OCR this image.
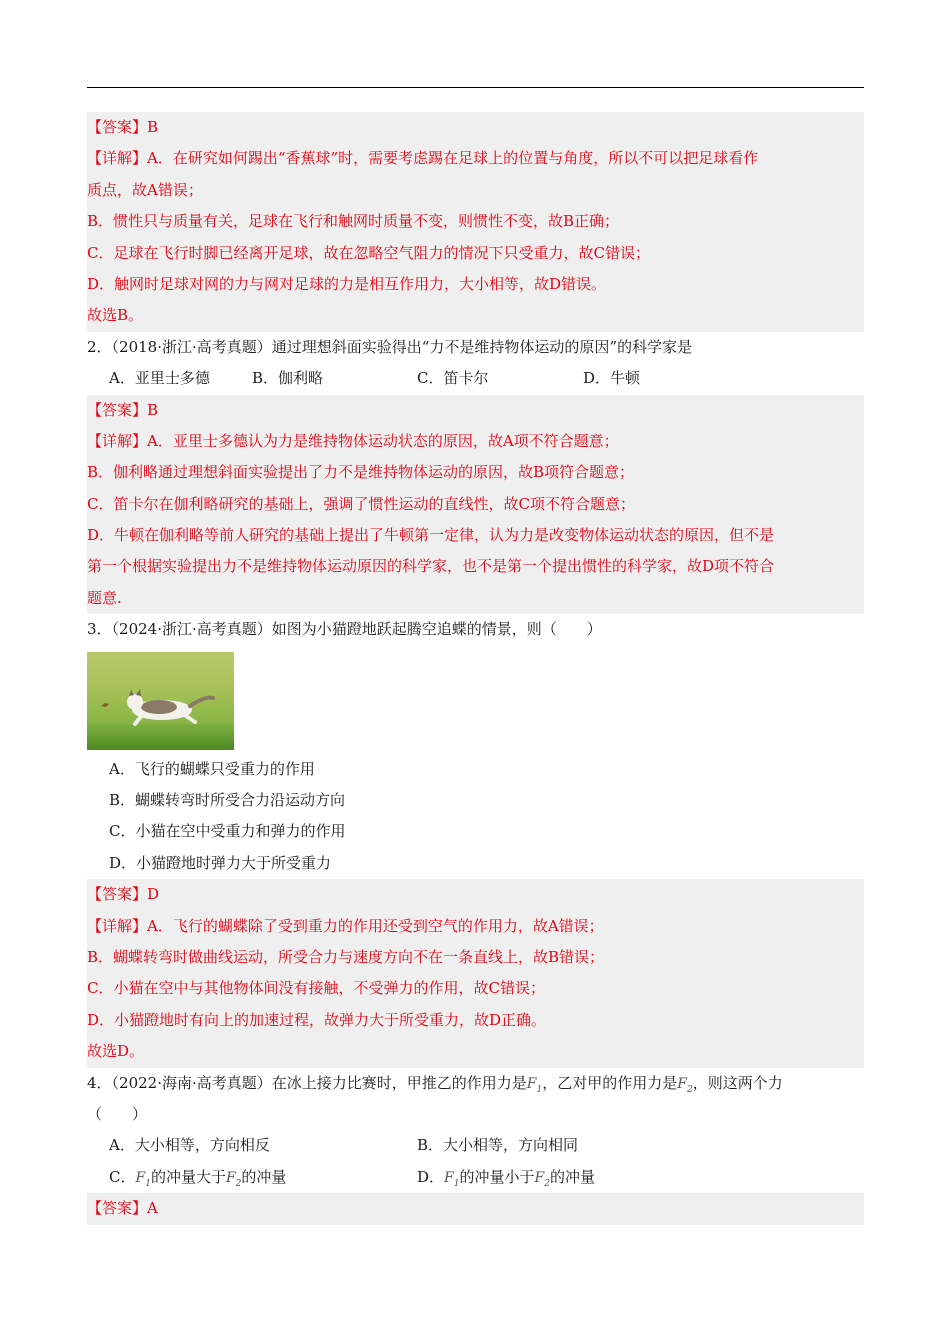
【答案】B
【详解】A．在研究如何踢出“香蕉球”时，需要考虑踢在足球上的位置与角度，所以不可以把足球看作
质点，故A错误；
B．惯性只与质量有关，足球在飞行和触网时质量不变，则惯性不变，故B正确；
C．足球在飞行时脚已经离开足球，故在忽略空气阻力的情况下只受重力，故C错误；
D．触网时足球对网的力与网对足球的力是相互作用力，大小相等，故D错误。
故选B。
2．（2018·浙江·高考真题）通过理想斜面实验得出“力不是维持物体运动的原因”的科学家是
A．亚里士多德	B．伽利略	C．笛卡尔	D．牛顿
【答案】B
【详解】A．亚里士多德认为力是维持物体运动状态的原因，故A项不符合题意；
B．伽利略通过理想斜面实验提出了力不是维持物体运动的原因，故B项符合题意；
C．笛卡尔在伽利略研究的基础上，强调了惯性运动的直线性，故C项不符合题意；
D．牛顿在伽利略等前人研究的基础上提出了牛顿第一定律，认为力是改变物体运动状态的原因，但不是
第一个根据实验提出力不是维持物体运动原因的科学家，也不是第一个提出惯性的科学家，故D项不符合
题意.
3．（2024·浙江·高考真题）如图为小猫蹬地跃起腾空追蝶的情景，则（　　）
A．飞行的蝴蝶只受重力的作用
B．蝴蝶转弯时所受合力沿运动方向
C．小猫在空中受重力和弹力的作用
D．小猫蹬地时弹力大于所受重力
【答案】D
【详解】A．飞行的蝴蝶除了受到重力的作用还受到空气的作用力，故A错误；
B．蝴蝶转弯时做曲线运动，所受合力与速度方向不在一条直线上，故B错误；
C．小猫在空中与其他物体间没有接触，不受弹力的作用，故C错误；
D．小猫蹬地时有向上的加速过程，故弹力大于所受重力，故D正确。
故选D。
4．（2022·海南·高考真题）在冰上接力比赛时，甲推乙的作用力是$F_1$，乙对甲的作用力是$F_2$，则这两个力
（　　）
A．大小相等，方向相反	B．大小相等，方向相同
C．$F_1$的冲量大于$F_2$的冲量	D．$F_1$的冲量小于$F_2$的冲量
【答案】A
